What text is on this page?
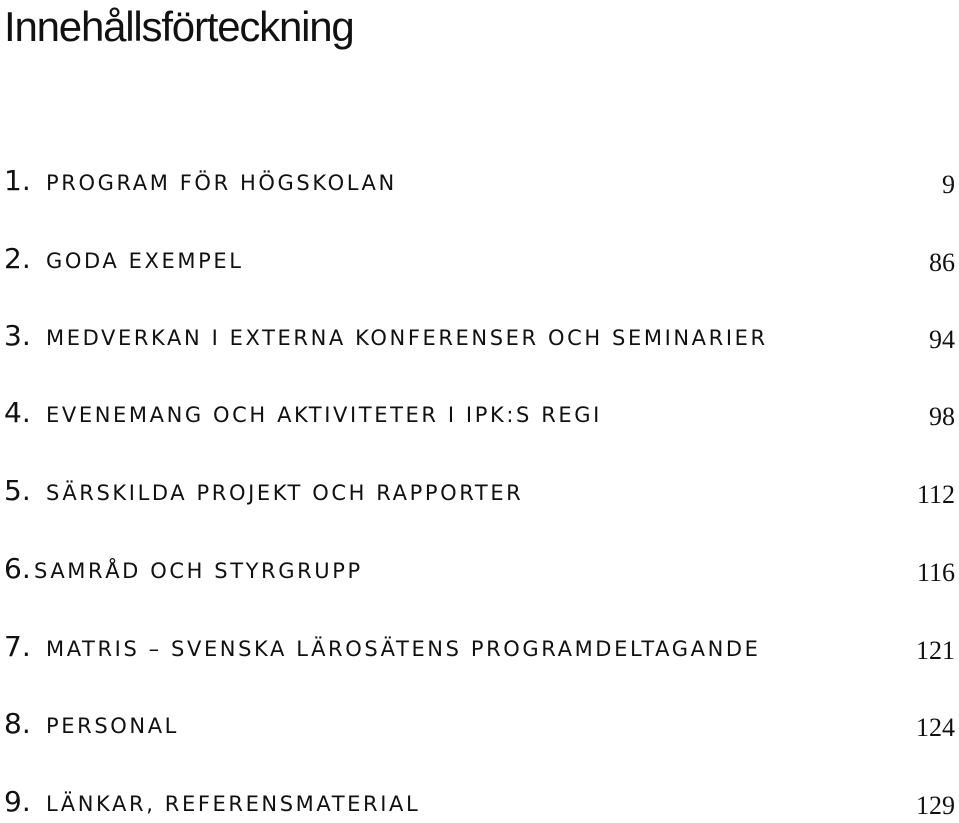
Innehållsförteckning
1. PROGRAM FÖR HÖGSKOLAN	9
2. GODA EXEMPEL	86
3. MEDVERKAN I EXTERNA KONFERENSER OCH SEMINARIER	94
4. EVENEMANG OCH AKTIVITETER I IPK:S REGI	98
5. SÄRSKILDA PROJEKT OCH RAPPORTER	112
6. SAMRÅD OCH STYRGRUPP	116
7. MATRIS – SVENSKA LÄROSÄTENS PROGRAMDELTAGANDE	121
8. PERSONAL	124
9. LÄNKAR, REFERENSMATERIAL	129
